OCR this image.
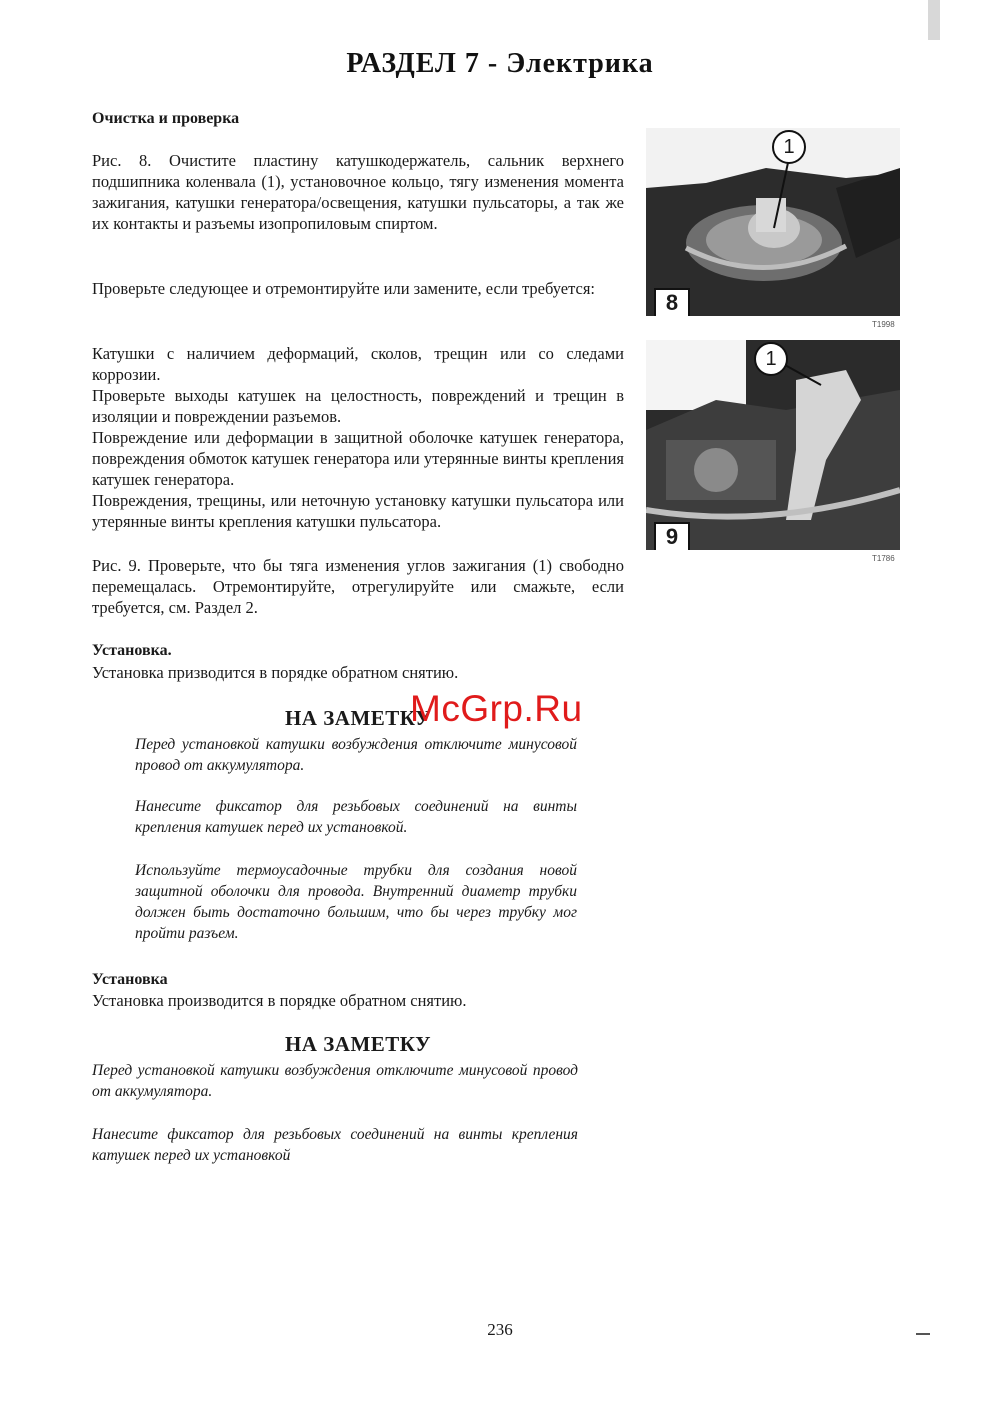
РАЗДЕЛ 7 - Электрика
Очистка и проверка

Рис. 8. Очистите пластину катушкодержатель, сальник верхнего подшипника коленвала (1), установочное кольцо, тягу изменения момента зажигания, катушки генератора/освещения, катушки пульсаторы, а так же их контакты и разъемы изопропиловым спиртом.

Проверьте следующее и отремонтируйте или замените, если требуется:

Катушки с наличием деформаций, сколов, трещин или со следами коррозии.

Проверьте выходы катушек на целостность, повреждений и трещин в изоляции и повреждении разъемов.

Повреждение или деформации в защитной оболочке катушек генератора, повреждения обмоток катушек генератора или утерянные винты крепления катушек генератора.

Повреждения, трещины, или неточную установку катушки пульсатора или утерянные винты крепления катушки пульсатора.

Рис. 9. Проверьте, что бы тяга изменения углов зажигания (1) свободно перемещалась. Отремонтируйте, отрегулируйте или смажьте, если требуется, см. Раздел 2.

Установка.
Установка призводится в порядке обратном снятию.
НА ЗАМЕТКУ

Перед установкой катушки возбуждения отключите минусовой провод от аккумулятора.

Нанесите фиксатор для резьбовых соединений на винты крепления катушек перед их установкой.

Используйте термоусадочные трубки для создания новой защитной оболочки для провода. Внутренний диаметр трубки должен быть достаточно большим, что бы через трубку мог пройти разъем.

Установка
Установка производится в порядке обратном снятию.
НА ЗАМЕТКУ

Перед установкой катушки возбуждения отключите минусовой провод от аккумулятора.

Нанесите фиксатор для резьбовых соединений на винты крепления катушек перед их установкой

1
8
T1998
1
9
T1786
McGrp.Ru
236
